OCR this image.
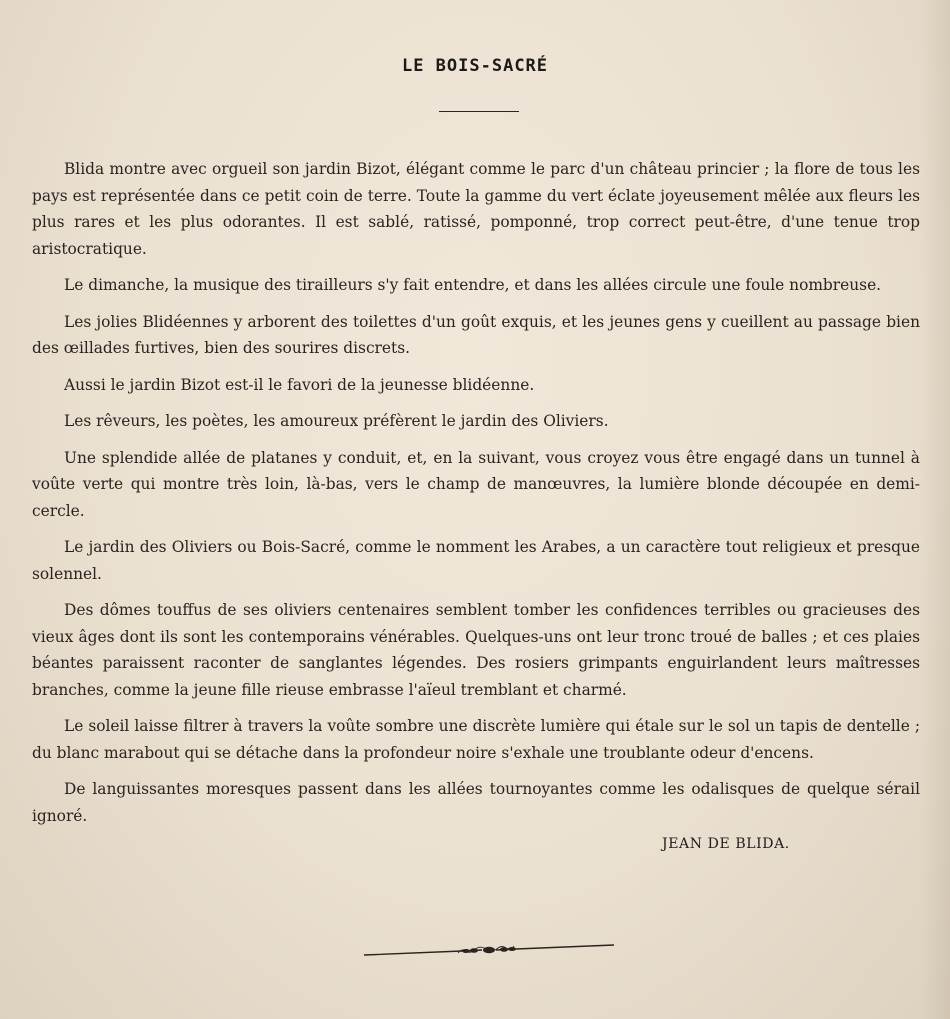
LE BOIS-SACRÉ

Blida montre avec orgueil son jardin Bizot, élégant comme le parc d'un château princier ; la flore de tous les pays est représentée dans ce petit coin de terre. Toute la gamme du vert éclate joyeusement mêlée aux fleurs les plus rares et les plus odorantes. Il est sablé, ratissé, pomponné, trop correct peut-être, d'une tenue trop aristocratique.

Le dimanche, la musique des tirailleurs s'y fait entendre, et dans les allées circule une foule nombreuse.

Les jolies Blidéennes y arborent des toilettes d'un goût exquis, et les jeunes gens y cueillent au passage bien des œillades furtives, bien des sourires discrets.

Aussi le jardin Bizot est-il le favori de la jeunesse blidéenne.

Les rêveurs, les poètes, les amoureux préfèrent le jardin des Oliviers.

Une splendide allée de platanes y conduit, et, en la suivant, vous croyez vous être engagé dans un tunnel à voûte verte qui montre très loin, là-bas, vers le champ de manœuvres, la lumière blonde découpée en demi-cercle.

Le jardin des Oliviers ou Bois-Sacré, comme le nomment les Arabes, a un caractère tout religieux et presque solennel.

Des dômes touffus de ses oliviers centenaires semblent tomber les confidences terribles ou gracieuses des vieux âges dont ils sont les contemporains vénérables. Quelques-uns ont leur tronc troué de balles ; et ces plaies béantes paraissent raconter de sanglantes légendes. Des rosiers grimpants enguirlandent leurs maîtresses branches, comme la jeune fille rieuse embrasse l'aïeul tremblant et charmé.

Le soleil laisse filtrer à travers la voûte sombre une discrète lumière qui étale sur le sol un tapis de dentelle ; du blanc marabout qui se détache dans la profondeur noire s'exhale une troublante odeur d'encens.

De languissantes moresques passent dans les allées tournoyantes comme les odalisques de quelque sérail ignoré.

JEAN DE BLIDA.
